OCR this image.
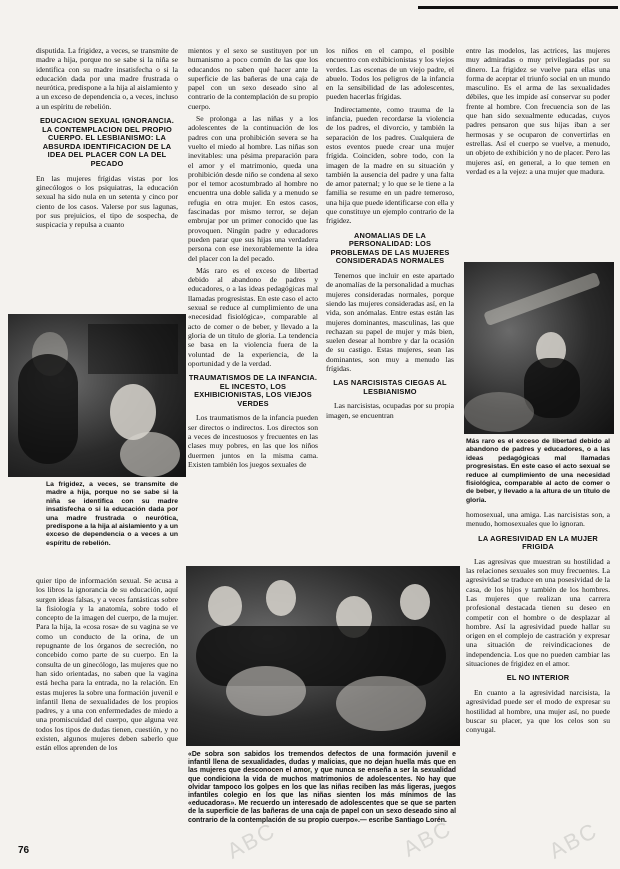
disputida. La frigidez, a veces, se transmite de madre a hija, porque no se sabe si la niña se identifica con su madre insatisfecha o si la educación dada por una madre frustrada o neurótica, predispone a la hija al aislamiento y a un exceso de dependencia o, a veces, incluso a un espíritu de rebelión.

EDUCACION SEXUAL IGNORANCIA. LA CONTEMPLACION DEL PROPIO CUERPO. EL LESBIANISMO: LA ABSURDA IDENTIFICACION DE LA IDEA DEL PLACER CON LA DEL PECADO

En las mujeres frígidas vistas por los ginecólogos o los psiquiatras, la educación sexual ha sido nula en un setenta y cinco por ciento de los casos. Valerse por sus lagunas, por sus prejuicios, el tipo de sospecha, de suspicacia y repulsa a cuanto

La frigidez, a veces, se transmite de madre a hija, porque no se sabe si la niña se identifica con su madre insatisfecha o si la educación dada por una madre frustrada o neurótica, predispone a la hija al aislamiento y a un exceso de dependencia o a veces a un espíritu de rebelión.

quier tipo de información sexual. Se acusa a los libros la ignorancia de su educación, aquí surgen ideas falsas, y a veces fantásticas sobre la fisiología y la anatomía, sobre todo el concepto de la imagen del cuerpo, de la mujer. Para la hija, la «cosa rosa» de su vagina se ve como un conducto de la orina, de un repugnante de los órganos de secreción, no concebido como parte de su cuerpo. En la consulta de un ginecólogo, las mujeres que no han sido orientadas, no saben que la vagina está hecha para la entrada, no la relación. En estas mujeres la sobre una formación juvenil e infantil llena de sexualidades de los propios padres, y a una con enfermedades de miedo a una promiscuidad del cuerpo, que alguna vez todos los tipos de dudas tienen, cuestión, y no existen, algunos mujeres deben saberlo que están ellos aprenden de los

mientos y el sexo se sustituyen por un humanismo a poco común de las que los educandos no saben qué hacer ante la superficie de las bañeras de una caja de papel con un sexo deseado sino al contrario de la contemplación de su propio cuerpo.

Se prolonga a las niñas y a los adolescentes de la continuación de los padres con una prohibición severa se ha vuelto el miedo al hombre. Las niñas son inevitables: una pésima preparación para el amor y el matrimonio, queda una prohibición desde niño se condena al sexo por el temor acostumbrado al hombre no encuentra una doble salida y a menudo se refugia en otra mujer. En estos casos, fascinadas por mismo terror, se dejan embrujar por un primer conocido que las provoquen. Ningún padre y educadores pueden parar que sus hijas una verdadera persona con ese inexorablemente la idea del placer con la del pecado.

Más raro es el exceso de libertad debido al abandono de padres y educadores, o a las ideas pedagógicas mal llamadas progresistas. En este caso el acto sexual se reduce al cumplimiento de una «necesidad fisiológica», comparable al acto de comer o de beber, y llevado a la gloria de un título de gloria. La tendencia se basa en la violencia fuera de la voluntad de la experiencia, de la oportunidad y de la verdad.

TRAUMATISMOS DE LA INFANCIA. EL INCESTO, LOS EXHIBICIONISTAS, LOS VIEJOS VERDES

Los traumatismos de la infancia pueden ser directos o indirectos. Los directos son a veces de incestuosos y frecuentes en las clases muy pobres, en las que los niños duermen juntos en la misma cama. Existen también los juegos sexuales de

los niños en el campo, el posible encuentro con exhibicionistas y los viejos verdes. Las escenas de un viejo padre, el abuelo. Todos los peligros de la infancia en la sensibilidad de las adolescentes, pueden hacerlas frígidas.

Indirectamente, como trauma de la infancia, pueden recordarse la violencia de los padres, el divorcio, y también la separación de los padres. Cualquiera de estos eventos puede crear una mujer frígida. Coinciden, sobre todo, con la imagen de la madre en su situación y también la ausencia del padre y una falta de amor paternal; y lo que se le tiene a la familia se resume en un padre temeroso, una hija que puede identificarse con ella y que constituye un ejemplo contrario de la frigidez.

ANOMALIAS DE LA PERSONALIDAD: LOS PROBLEMAS DE LAS MUJERES CONSIDERADAS NORMALES

Tenemos que incluir en este apartado de anomalías de la personalidad a muchas mujeres consideradas normales, porque siendo las mujeres consideradas así, en la vida, son anómalas. Entre estas están las mujeres dominantes, masculinas, las que rechazan su papel de mujer y más bien, suelen desear al hombre y dar la ocasión de su castigo. Estas mujeres, sean las dominantes, son muy a menudo las frígidas.

LAS NARCISISTAS CIEGAS AL LESBIANISMO

Las narcisistas, ocupadas por su propia imagen, se encuentran

entre las modelos, las actrices, las mujeres muy admiradas o muy privilegiadas por su dinero. La frigidez se vuelve para ellas una forma de aceptar el triunfo social en un mundo masculino. Es el arma de las sexualidades débiles, que les impide así conservar su poder frente al hombre. Con frecuencia son de las que han sido sexualmente educadas, cuyos padres pensaron que sus hijas iban a ser hermosas y se ocuparon de convertirlas en estrellas. Así el cuerpo se vuelve, a menudo, un objeto de exhibición y no de placer. Pero las mujeres así, en general, a lo que temen en verdad es a la vejez: a una mujer que madura.

Más raro es el exceso de libertad debido al abandono de padres y educadores, o a las ideas pedagógicas mal llamadas progresistas. En este caso el acto sexual se reduce al cumplimiento de una necesidad fisiológica, comparable al acto de comer o de beber, y llevado a la altura de un título de gloria.

homosexual, una amiga. Las narcisistas son, a menudo, homosexuales que lo ignoran.

LA AGRESIVIDAD EN LA MUJER FRIGIDA

Las agresivas que muestran su hostilidad a las relaciones sexuales son muy frecuentes. La agresividad se traduce en una posesividad de la casa, de los hijos y también de los hombres. Las mujeres que realizan una carrera profesional destacada tienen su deseo en competir con el hombre o de desplazar al hombre. Así la agresividad puede hallar su origen en el complejo de castración y expresar una situación de reivindicaciones de independencia. Los que no pueden cambiar las situaciones de frigidez en el amor.

EL NO INTERIOR

En cuanto a la agresividad narcisista, la agresividad puede ser el modo de expresar su hostilidad al hombre, una mujer así, no puede buscar su placer, ya que los celos son su conyugal.

«De sobra son sabidos los tremendos defectos de una formación juvenil e infantil llena de sexualidades, dudas y malicias, que no dejan huella más que en las mujeres que desconocen el amor, y que nunca se enseña a ser la sexualidad que condiciona la vida de muchos matrimonios de adolescentes. No hay que olvidar tampoco los golpes en los que las niñas reciben las más ligeras, juegos infantiles colegio en los que las niñas sienten los más mínimos de las «educadoras». Me recuerdo un interesado de adolescentes que se que se parten de la superficie de las bañeras de una caja de papel con un sexo deseado sino al contrario de la contemplación de su propio cuerpo».— escribe Santiago Lorén.
76	ABC	ABC	ABC
